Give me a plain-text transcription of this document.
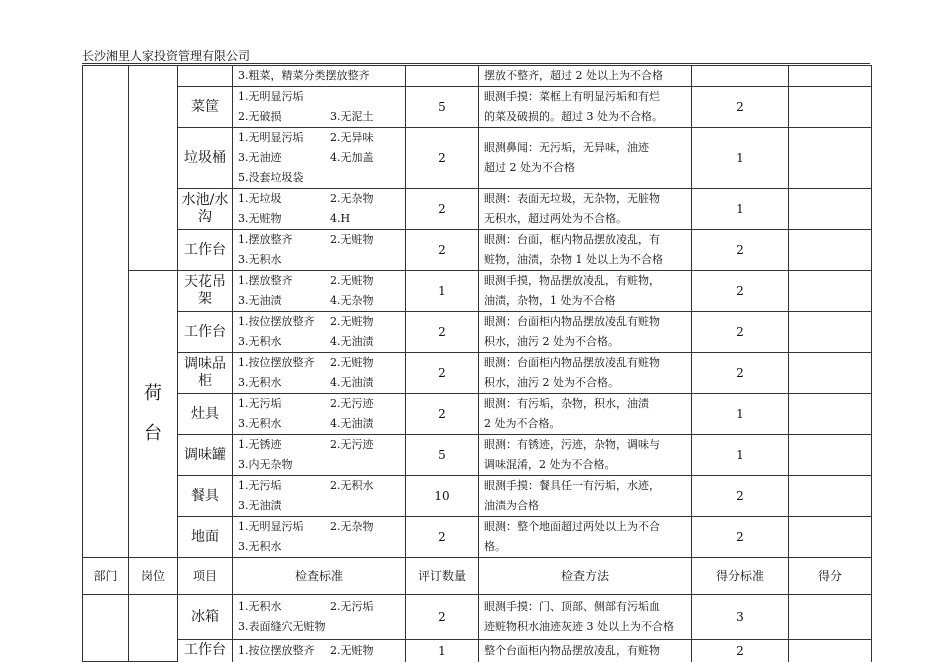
长沙湘里人家投资管理有限公司

			3.粗菜，精菜分类摆放整齐		摆放不整齐，超过 2 处以上为不合格		

		菜筐	1.无明显污垢
2.无破损 3.无泥土	5	眼测手摸：菜框上有明显污垢和有烂
的菜及破损的。超过 3 处为不合格。	2	
		垃圾桶	1.无明显污垢 2.无异味
3.无油迹 4.无加盖
5.没套垃圾袋	2	眼测鼻闻：无污垢，无异味，油迹
超过 2 处为不合格	1	
		水池/水沟	1.无垃圾 2.无杂物
3.无赃物 4.H	2	眼测：表面无垃圾，无杂物，无脏物
无积水，超过两处为不合格。	1	
		工作台	1.摆放整齐 2.无赃物
3.无积水	2	眼测：台面，框内物品摆放凌乱，有
赃物，油渍，杂物 1 处以上为不合格	2	

	荷
台	天花吊架	1.摆放整齐 2.无赃物
3.无油渍 4.无杂物	1	眼测手摸，物品摆放凌乱，有赃物，
油渍，杂物，1 处为不合格	2	
		工作台	1.按位摆放整齐 2.无赃物
3.无积水 4.无油渍	2	眼测：台面柜内物品摆放凌乱有赃物
积水，油污 2 处为不合格。	2	
		调味品柜	1.按位摆放整齐 2.无赃物
3.无积水 4.无油渍	2	眼测：台面柜内物品摆放凌乱有赃物
积水，油污 2 处为不合格。	2	
		灶具	1.无污垢 2.无污迹
3.无积水 4.无油渍	2	眼测：有污垢，杂物，积水，油渍
2 处为不合格。	1	
		调味罐	1.无锈迹 2.无污迹
3.内无杂物	5	眼测：有锈迹，污迹，杂物，调味与
调味混淆，2 处为不合格。	1	
		餐具	1.无污垢 2.无积水
3.无油渍	10	眼测手摸：餐具任一有污垢，水迹，
油渍为合格	2	
		地面	1.无明显污垢 2.无杂物
3.无积水	2	眼测：整个地面超过两处以上为不合
格。	2	
部门	岗位	项目	检查标准	评订数量	检查方法	得分标准	得分
		冰箱	1.无积水 2.无污垢
3.表面缝穴无赃物	2	眼测手摸：门、顶部、侧部有污垢血
迹赃物积水油迹灰迹 3 处以上为不合格	3	
		工作台	1.按位摆放整齐 2.无赃物	1	整个台面柜内物品摆放凌乱，有赃物	2	
